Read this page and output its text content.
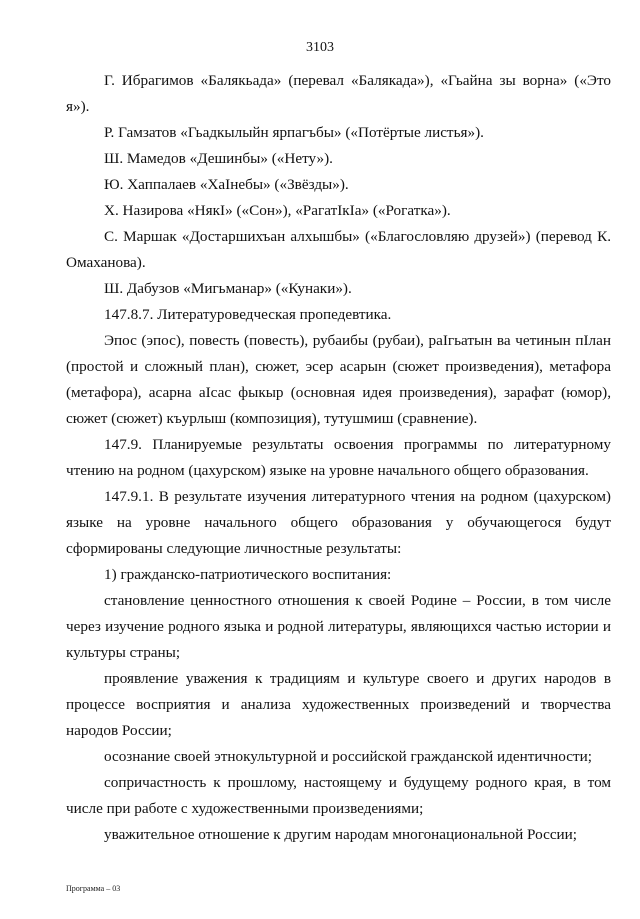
3103

Г. Ибрагимов «Балякьада» (перевал «Балякада»), «Гьайна зы ворна» («Это я»).

Р. Гамзатов «Гьадкылыйн ярпагъбы» («Потёртые листья»).

Ш. Мамедов «Дешинбы» («Нету»).

Ю. Хаппалаев «ХаIнебы» («Звёзды»).

Х. Назирова «НякI» («Сон»), «РагатIкIа» («Рогатка»).

С. Маршак «Достаршихъан алхышбы» («Благословляю друзей») (перевод К. Омаханова).

Ш. Дабузов «Мигьманар» («Кунаки»).

147.8.7. Литературоведческая пропедевтика.

Эпос (эпос), повесть (повесть), рубаибы (рубаи), раIгьатын ва четинын пIлан (простой и сложный план), сюжет, эсер асарын (сюжет произведения), метафора (метафора), асарна аIсас фыкыр (основная идея произведения), зарафат (юмор), сюжет (сюжет) къурлыш (композиция), тутушмиш (сравнение).

147.9. Планируемые результаты освоения программы по литературному чтению на родном (цахурском) языке на уровне начального общего образования.

147.9.1. В результате изучения литературного чтения на родном (цахурском) языке на уровне начального общего образования у обучающегося будут сформированы следующие личностные результаты:

1) гражданско-патриотического воспитания:

становление ценностного отношения к своей Родине – России, в том числе через изучение родного языка и родной литературы, являющихся частью истории и культуры страны;

проявление уважения к традициям и культуре своего и других народов в процессе восприятия и анализа художественных произведений и творчества народов России;

осознание своей этнокультурной и российской гражданской идентичности;

сопричастность к прошлому, настоящему и будущему родного края, в том числе при работе с художественными произведениями;

уважительное отношение к другим народам многонациональной России;

Программа – 03
